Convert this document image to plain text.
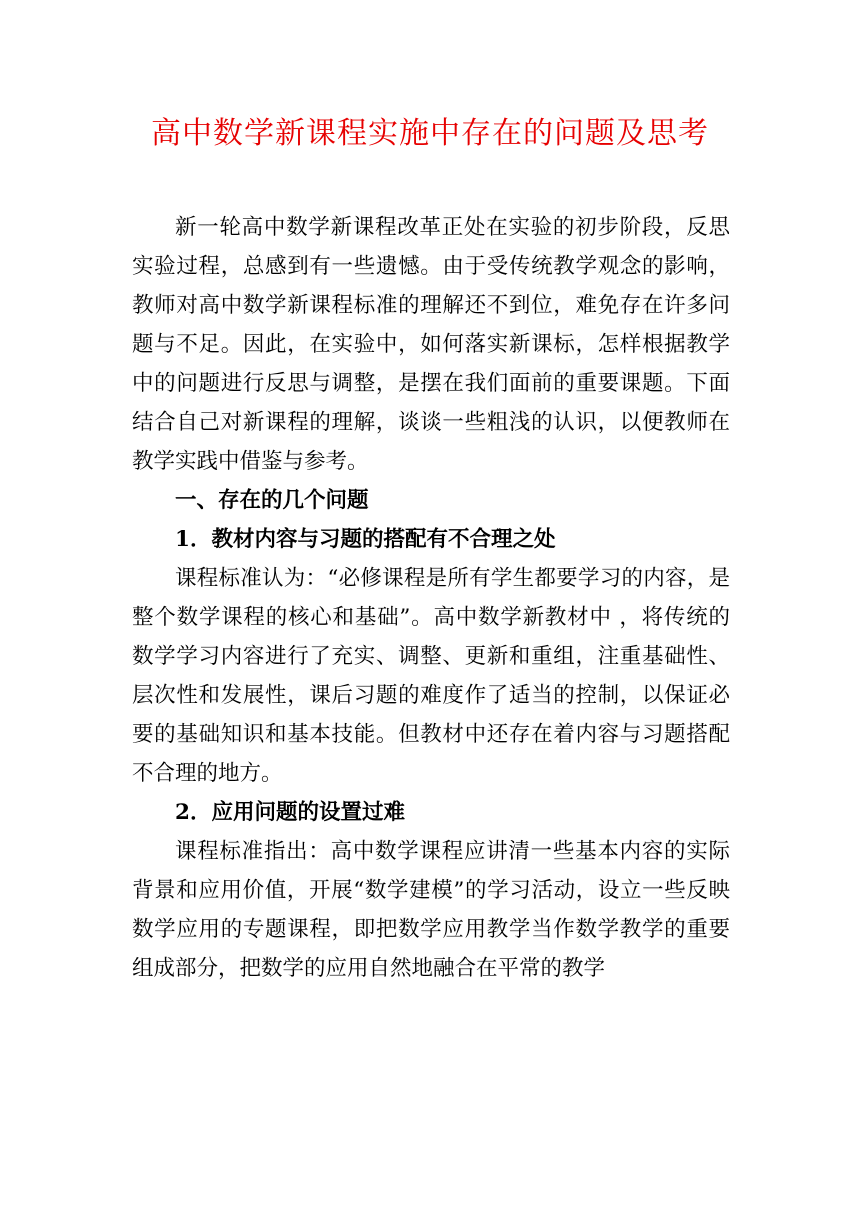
高中数学新课程实施中存在的问题及思考

新一轮高中数学新课程改革正处在实验的初步阶段，反思实验过程，总感到有一些遗憾。由于受传统教学观念的影响，教师对高中数学新课程标准的理解还不到位，难免存在许多问题与不足。因此，在实验中，如何落实新课标，怎样根据教学中的问题进行反思与调整，是摆在我们面前的重要课题。下面结合自己对新课程的理解，谈谈一些粗浅的认识，以便教师在教学实践中借鉴与参考。

一、存在的几个问题

1．教材内容与习题的搭配有不合理之处

课程标准认为：“必修课程是所有学生都要学习的内容，是整个数学课程的核心和基础”。高中数学新教材中 ，将传统的数学学习内容进行了充实、调整、更新和重组，注重基础性、层次性和发展性，课后习题的难度作了适当的控制，以保证必要的基础知识和基本技能。但教材中还存在着内容与习题搭配不合理的地方。

2．应用问题的设置过难

课程标准指出：高中数学课程应讲清一些基本内容的实际背景和应用价值，开展“数学建模”的学习活动，设立一些反映数学应用的专题课程，即把数学应用教学当作数学教学的重要组成部分，把数学的应用自然地融合在平常的教学
